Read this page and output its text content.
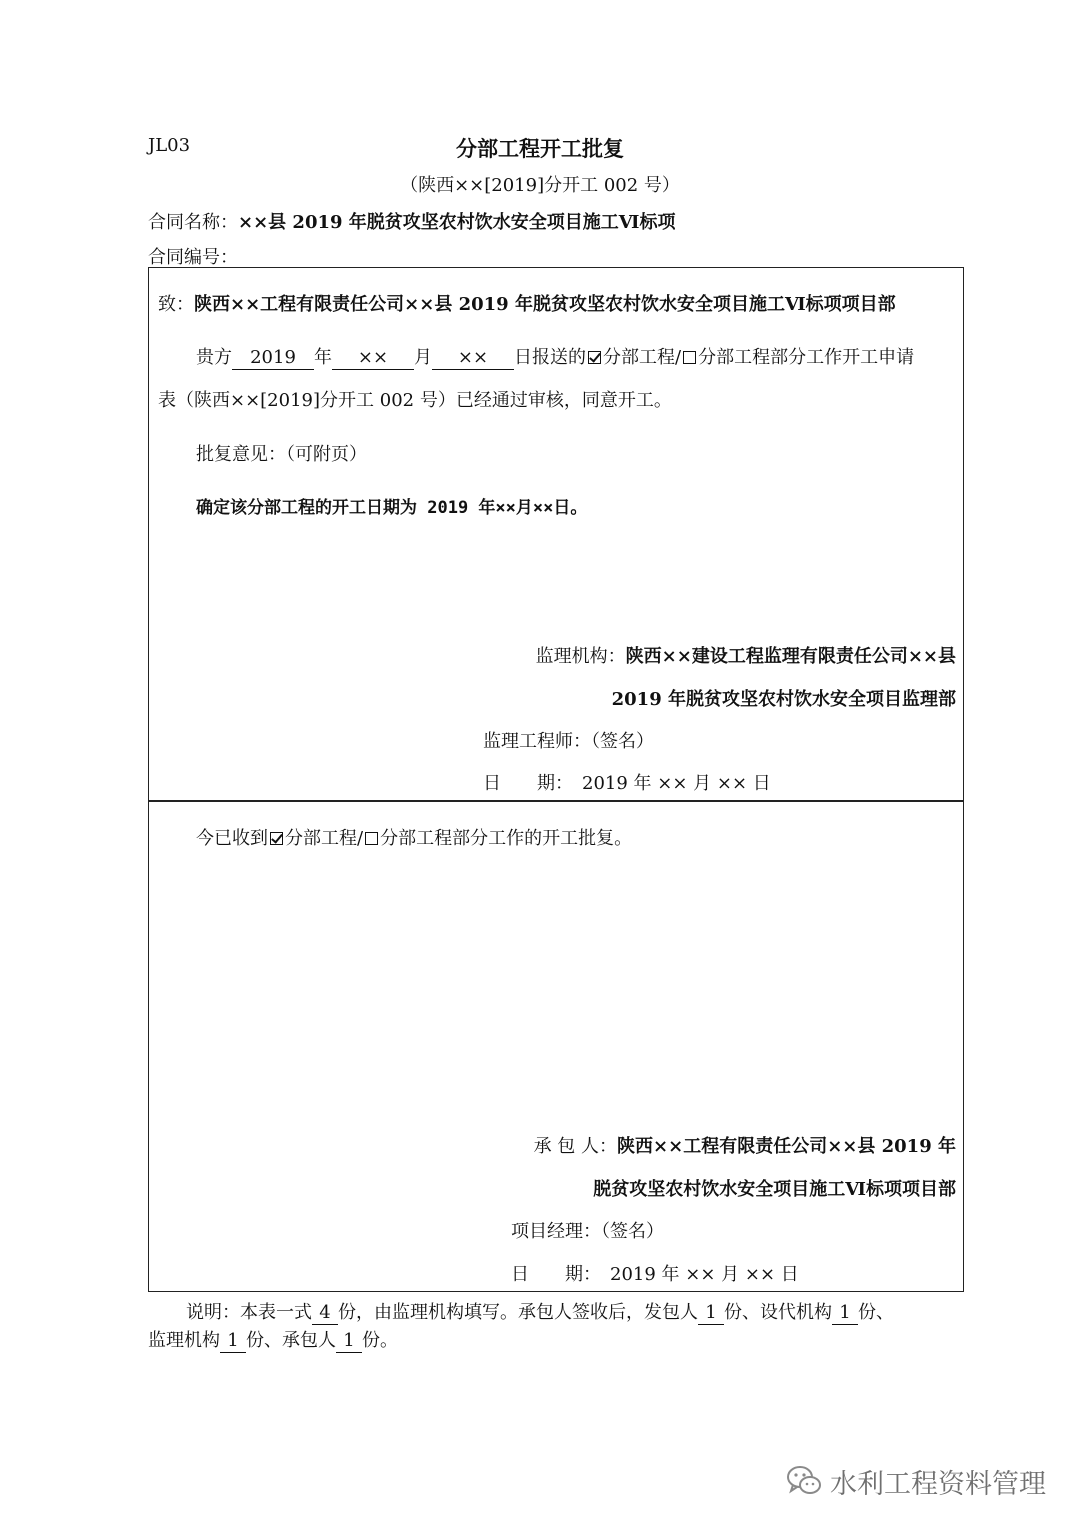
JL03	分部工程开工批复
（陕西××[2019]分开工 002 号）
合同名称：××县 2019 年脱贫攻坚农村饮水安全项目施工Ⅵ标项
合同编号：
致：陕西××工程有限责任公司××县 2019 年脱贫攻坚农村饮水安全项目施工Ⅵ标项项目部
贵方 2019 年 ×× 月 ×× 日报送的 分部工程/ 分部工程部分工作开工申请
表（陕西××[2019]分开工 002 号）已经通过审核，同意开工。
批复意见：（可附页）
确定该分部工程的开工日期为 2019 年××月××日。
监理机构：陕西××建设工程监理有限责任公司××县
2019 年脱贫攻坚农村饮水安全项目监理部
监理工程师：（签名）
日　　期：　2019 年 ×× 月 ×× 日
今已收到 分部工程/ 分部工程部分工作的开工批复。
承 包 人：陕西××工程有限责任公司××县 2019 年
脱贫攻坚农村饮水安全项目施工Ⅵ标项项目部
项目经理：（签名）
日　　期：　2019 年 ×× 月 ×× 日
说明：本表一式 4 份，由监理机构填写。承包人签收后，发包人 1 份、设代机构 1 份、
监理机构 1 份、承包人 1 份。
水利工程资料管理
